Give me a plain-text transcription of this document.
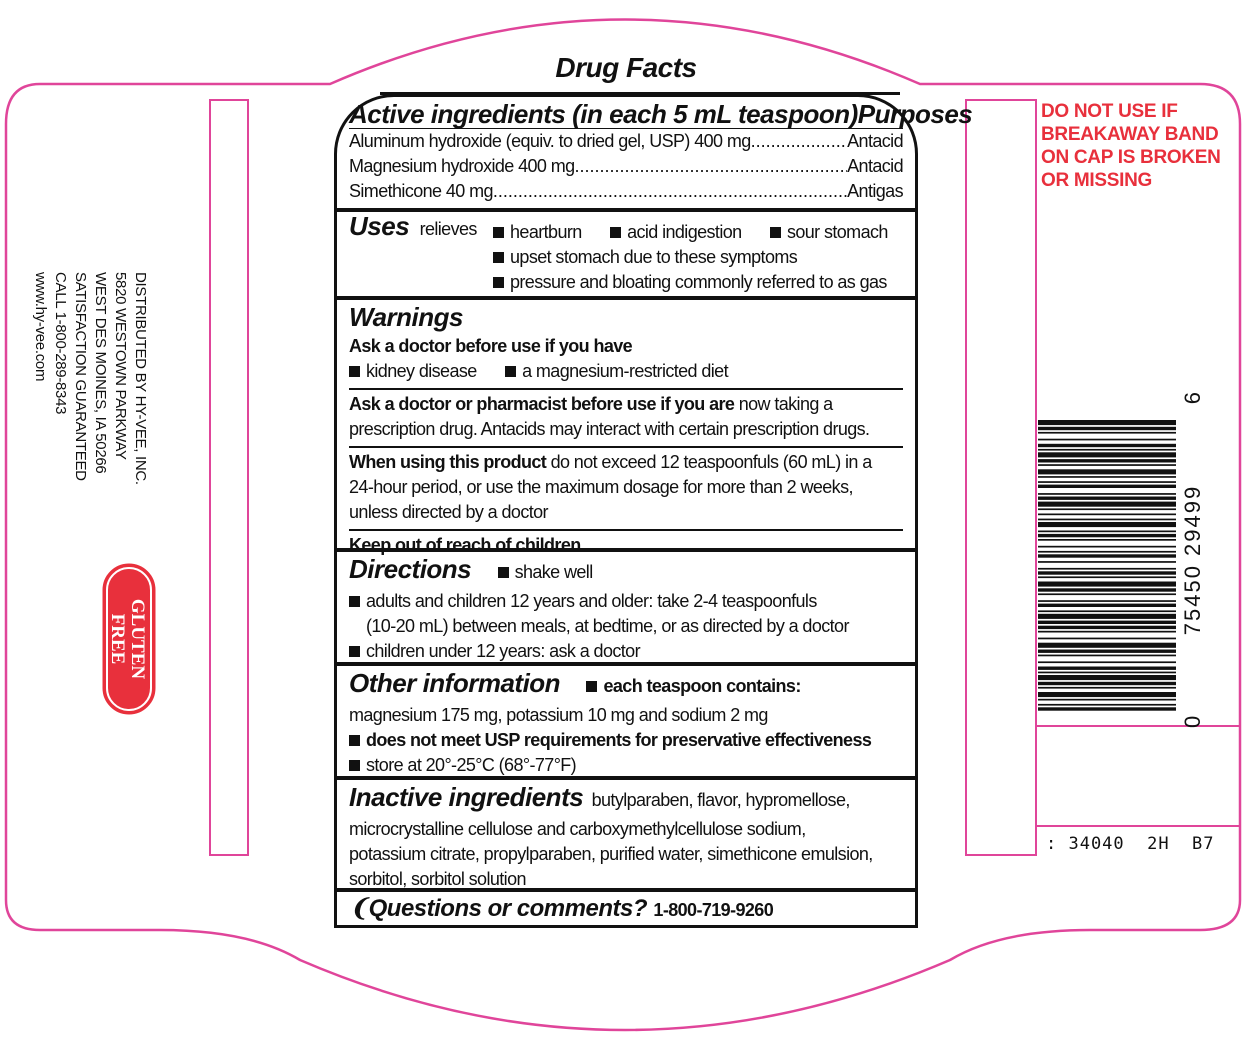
DISTRIBUTED BY HY-VEE, INC.
5820 WESTOWN PARKWAY
WEST DES MOINES, IA 50266
SATISFACTION GUARANTEED
CALL 1-800-289-8343
www.hy-vee.com
GLUTEN
FREE
Drug Facts
Active ingredients (in each 5 mL teaspoon) Purposes
Aluminum hydroxide (equiv. to dried gel, USP) 400 mg .....	Antacid
Magnesium hydroxide 400 mg .....	Antacid
Simethicone 40 mg .....	Antigas
Uses relieves	heartburn	acid indigestion	sour stomach
upset stomach due to these symptoms
pressure and bloating commonly referred to as gas
Warnings
Ask a doctor before use if you have
kidney disease	a magnesium-restricted diet
Ask a doctor or pharmacist before use if you are now taking a
prescription drug. Antacids may interact with certain prescription drugs.
When using this product do not exceed 12 teaspoonfuls (60 mL) in a
24-hour period, or use the maximum dosage for more than 2 weeks,
unless directed by a doctor
Keep out of reach of children.
Directions shake well
adults and children 12 years and older: take 2-4 teaspoonfuls
(10-20 mL) between meals, at bedtime, or as directed by a doctor
children under 12 years: ask a doctor
Other information each teaspoon contains:
magnesium 175 mg, potassium 10 mg and sodium 2 mg
does not meet USP requirements for preservative effectiveness
store at 20°-25°C (68°-77°F)
Inactive ingredients butylparaben, flavor, hypromellose,
microcrystalline cellulose and carboxymethylcellulose sodium,
potassium citrate, propylparaben, purified water, simethicone emulsion,
sorbitol, sorbitol solution
❨Questions or comments? 1-800-719-9260
DO NOT USE IF
BREAKAWAY BAND
ON CAP IS BROKEN
OR MISSING
0
75450 29499
6
: 34040  2H  B7
